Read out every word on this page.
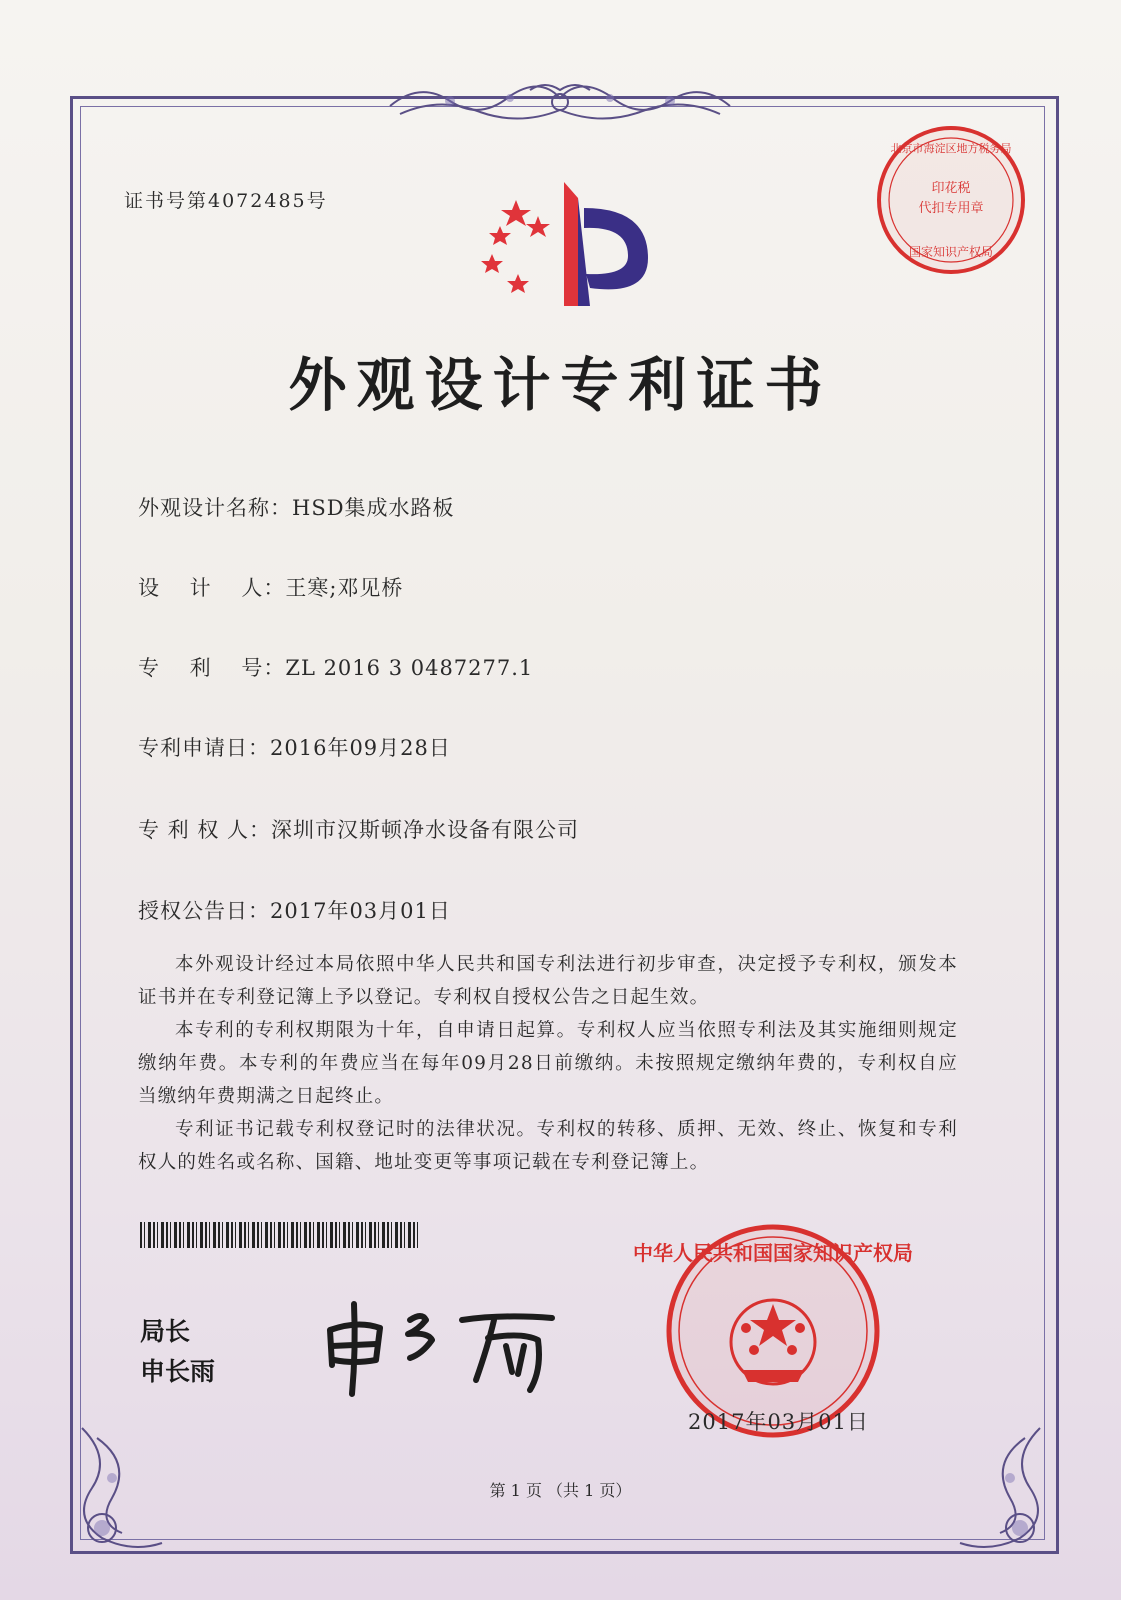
证书号第4072485号
印花税
代扣专用章
北京市海淀区地方税务局
国家知识产权局
外观设计专利证书
外观设计名称：HSD集成水路板
设　 计　 人：王寒;邓见桥
专　 利　 号：ZL 2016 3 0487277.1
专利申请日：2016年09月28日
专 利 权 人：深圳市汉斯顿净水设备有限公司
授权公告日：2017年03月01日

本外观设计经过本局依照中华人民共和国专利法进行初步审查，决定授予专利权，颁发本证书并在专利登记簿上予以登记。专利权自授权公告之日起生效。

本专利的专利权期限为十年，自申请日起算。专利权人应当依照专利法及其实施细则规定缴纳年费。本专利的年费应当在每年09月28日前缴纳。未按照规定缴纳年费的，专利权自应当缴纳年费期满之日起终止。

专利证书记载专利权登记时的法律状况。专利权的转移、质押、无效、终止、恢复和专利权人的姓名或名称、国籍、地址变更等事项记载在专利登记簿上。

局长
申长雨
中华人民共和国国家知识产权局
2017年03月01日
第 1 页 （共 1 页）
